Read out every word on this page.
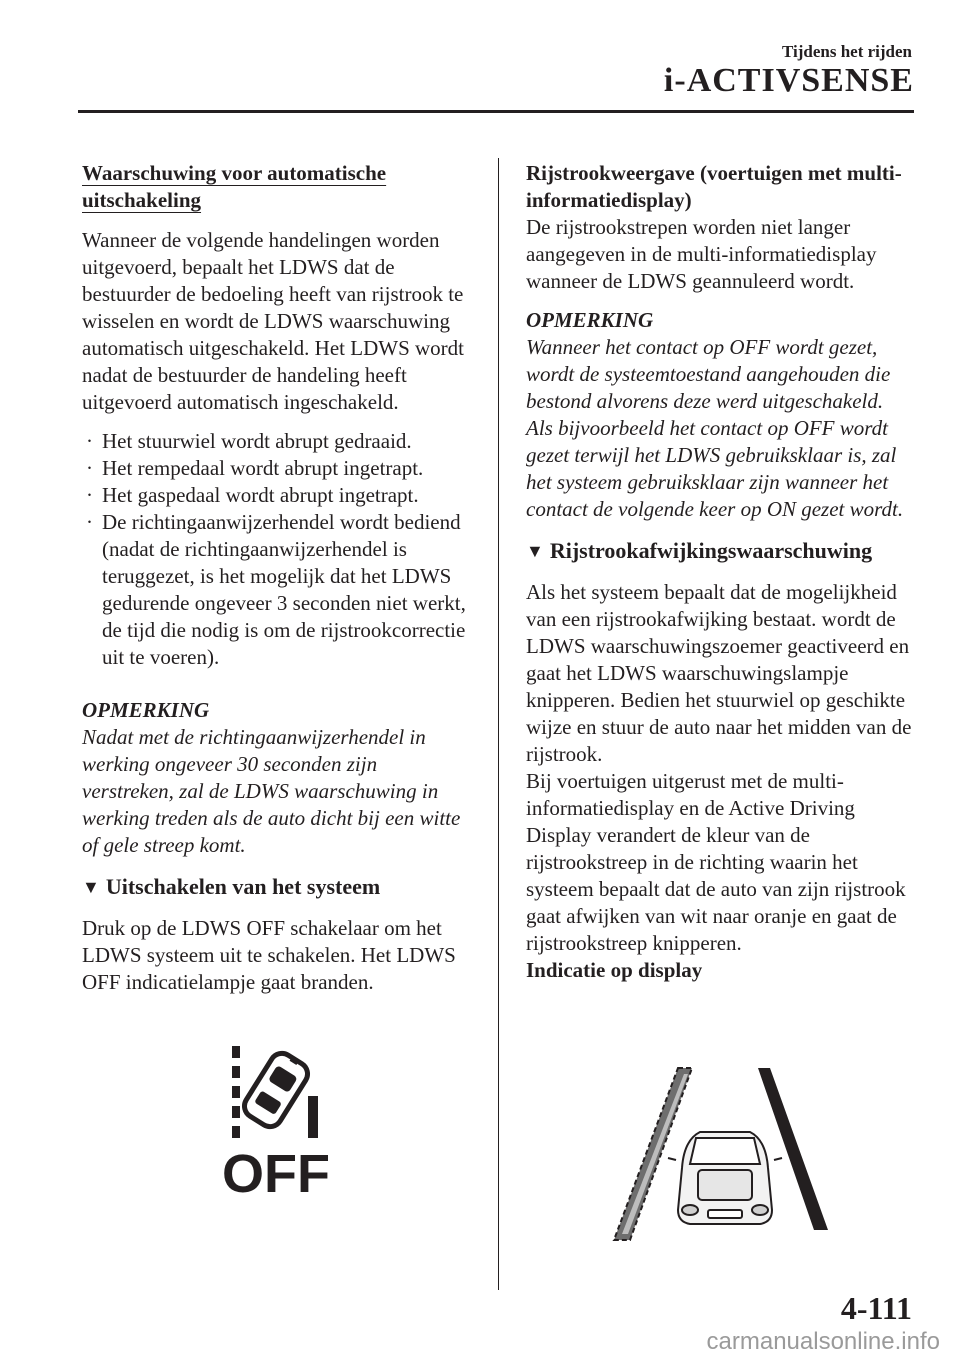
Tijdens het rijden
i-ACTIVSENSE
Waarschuwing voor automatische uitschakeling

Wanneer de volgende handelingen worden uitgevoerd, bepaalt het LDWS dat de bestuurder de bedoeling heeft van rijstrook te wisselen en wordt de LDWS waarschuwing automatisch uitgeschakeld. Het LDWS wordt nadat de bestuurder de handeling heeft uitgevoerd automatisch ingeschakeld.

· Het stuurwiel wordt abrupt gedraaid.
· Het rempedaal wordt abrupt ingetrapt.
· Het gaspedaal wordt abrupt ingetrapt.
· De richtingaanwijzerhendel wordt bediend (nadat de richtingaanwijzerhendel is teruggezet, is het mogelijk dat het LDWS gedurende ongeveer 3 seconden niet werkt, de tijd die nodig is om de rijstrookcorrectie uit te voeren).

OPMERKING

Nadat met de richtingaanwijzerhendel in werking ongeveer 30 seconden zijn verstreken, zal de LDWS waarschuwing in werking treden als de auto dicht bij een witte of gele streep komt.

▼ Uitschakelen van het systeem

Druk op de LDWS OFF schakelaar om het LDWS systeem uit te schakelen. Het LDWS OFF indicatielampje gaat branden.

OFF

Rijstrookweergave (voertuigen met multi-informatiedisplay)

De rijstrookstrepen worden niet langer aangegeven in de multi-informatiedisplay wanneer de LDWS geannuleerd wordt.

OPMERKING

Wanneer het contact op OFF wordt gezet, wordt de systeemtoestand aangehouden die bestond alvorens deze werd uitgeschakeld. Als bijvoorbeeld het contact op OFF wordt gezet terwijl het LDWS gebruiksklaar is, zal het systeem gebruiksklaar zijn wanneer het contact de volgende keer op ON gezet wordt.

▼ Rijstrookafwijkingswaarschuwing

Als het systeem bepaalt dat de mogelijkheid van een rijstrookafwijking bestaat. wordt de LDWS waarschuwingszoemer geactiveerd en gaat het LDWS waarschuwingslampje knipperen. Bedien het stuurwiel op geschikte wijze en stuur de auto naar het midden van de rijstrook.

Bij voertuigen uitgerust met de multi-informatiedisplay en de Active Driving Display verandert de kleur van de rijstrookstreep in de richting waarin het systeem bepaalt dat de auto van zijn rijstrook gaat afwijken van wit naar oranje en gaat de rijstrookstreep knipperen.

Indicatie op display

4-111
carmanualsonline.info
